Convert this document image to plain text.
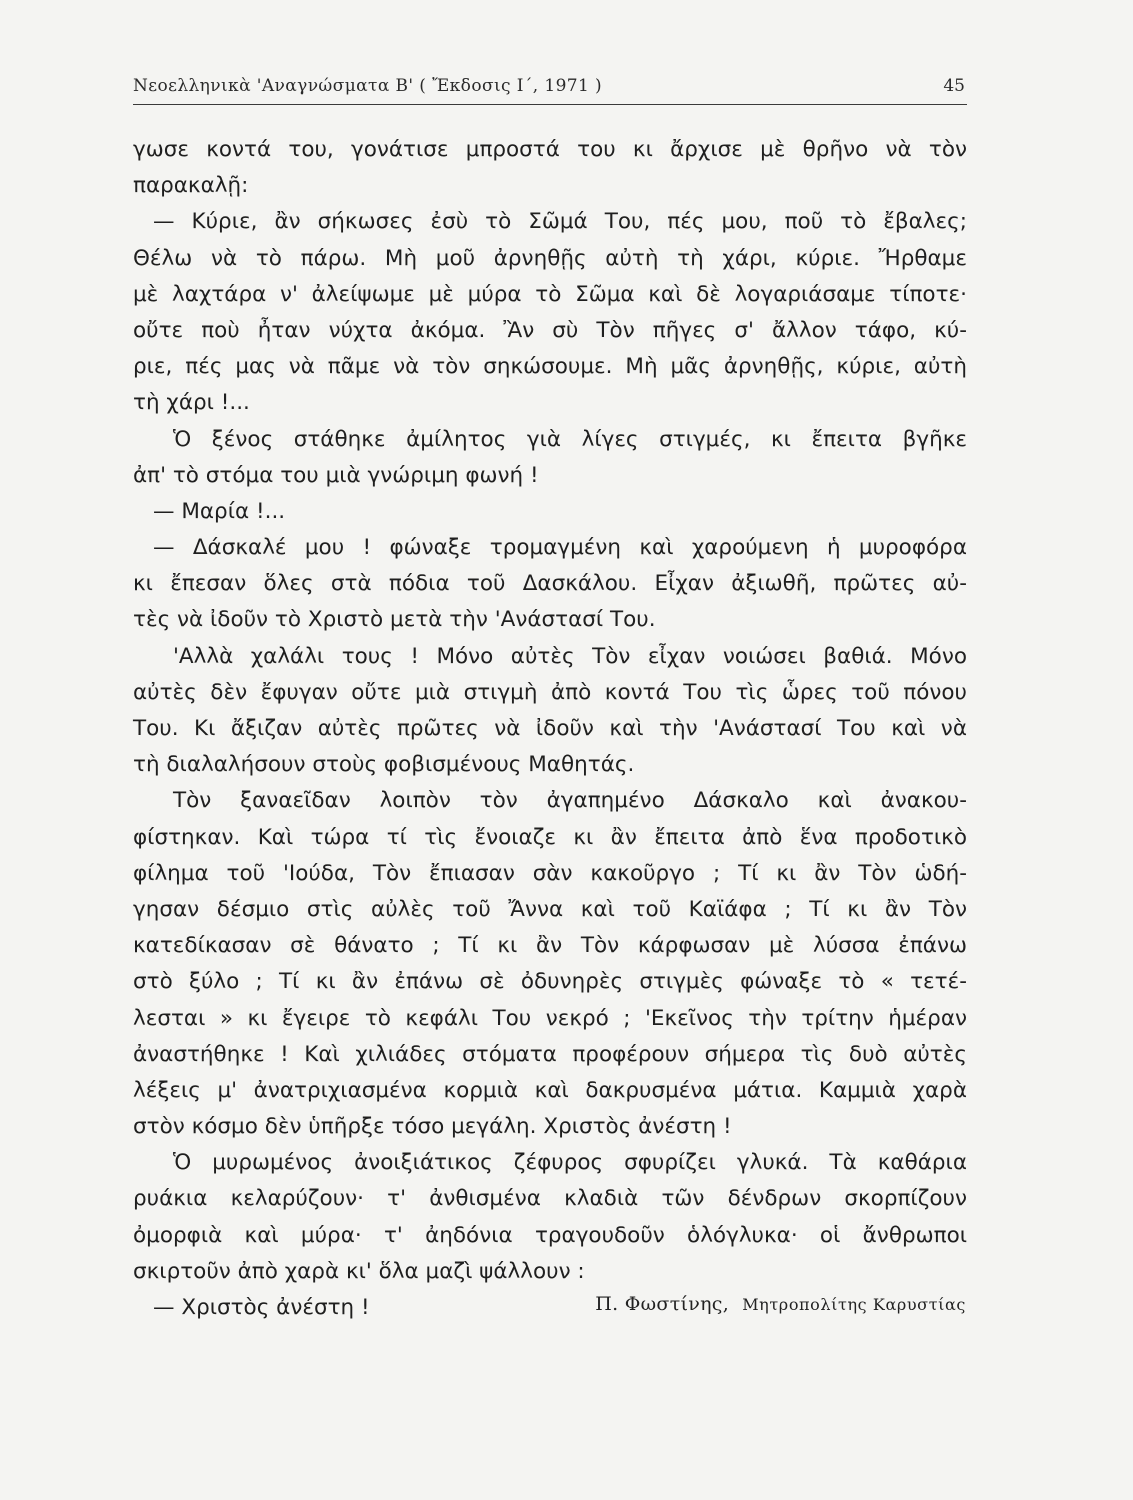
Νεοελληνικὰ 'Αναγνώσματα Β' ( Ἔκδοσις Ι΄, 1971 )	45
γωσε κοντά του, γονάτισε μπροστά του κι ἄρχισε μὲ θρῆνο νὰ τὸν
παρακαλῇ:
— Κύριε, ἂν σήκωσες ἐσὺ τὸ Σῶμά Του, πές μου, ποῦ τὸ ἔβαλες;
Θέλω νὰ τὸ πάρω. Μὴ μοῦ ἀρνηθῇς αὐτὴ τὴ χάρι, κύριε. Ἤρθαμε
μὲ λαχτάρα ν' ἀλείψωμε μὲ μύρα τὸ Σῶμα καὶ δὲ λογαριάσαμε τίποτε·
οὔτε ποὺ ἦταν νύχτα ἀκόμα. Ἂν σὺ Τὸν πῆγες σ' ἄλλον τάφο, κύ-
ριε, πές μας νὰ πᾶμε νὰ τὸν σηκώσουμε. Μὴ μᾶς ἀρνηθῇς, κύριε, αὐτὴ
τὴ χάρι !...
Ὁ ξένος στάθηκε ἀμίλητος γιὰ λίγες στιγμές, κι ἔπειτα βγῆκε
ἀπ' τὸ στόμα του μιὰ γνώριμη φωνή !
— Μαρία !...
— Δάσκαλέ μου ! φώναξε τρομαγμένη καὶ χαρούμενη ἡ μυροφόρα
κι ἔπεσαν ὅλες στὰ πόδια τοῦ Δασκάλου. Εἶχαν ἀξιωθῆ, πρῶτες αὐ-
τὲς νὰ ἰδοῦν τὸ Χριστὸ μετὰ τὴν 'Ανάστασί Του.
'Αλλὰ χαλάλι τους ! Μόνο αὐτὲς Τὸν εἶχαν νοιώσει βαθιά. Μόνο
αὐτὲς δὲν ἔφυγαν οὔτε μιὰ στιγμὴ ἀπὸ κοντά Του τὶς ὧρες τοῦ πόνου
Του. Κι ἄξιζαν αὐτὲς πρῶτες νὰ ἰδοῦν καὶ τὴν 'Ανάστασί Του καὶ νὰ
τὴ διαλαλήσουν στοὺς φοβισμένους Μαθητάς.
Τὸν ξαναεῖδαν λοιπὸν τὸν ἀγαπημένο Δάσκαλο καὶ ἀνακου-
φίστηκαν. Καὶ τώρα τί τὶς ἔνοιαζε κι ἂν ἔπειτα ἀπὸ ἕνα προδοτικὸ
φίλημα τοῦ 'Ιούδα, Τὸν ἔπιασαν σὰν κακοῦργο ; Τί κι ἂν Τὸν ὡδή-
γησαν δέσμιο στὶς αὐλὲς τοῦ Ἄννα καὶ τοῦ Καϊάφα ; Τί κι ἂν Τὸν
κατεδίκασαν σὲ θάνατο ; Τί κι ἂν Τὸν κάρφωσαν μὲ λύσσα ἐπάνω
στὸ ξύλο ; Τί κι ἂν ἐπάνω σὲ ὀδυνηρὲς στιγμὲς φώναξε τὸ « τετέ-
λεσται » κι ἔγειρε τὸ κεφάλι Του νεκρό ; 'Εκεῖνος τὴν τρίτην ἡμέραν
ἀναστήθηκε ! Καὶ χιλιάδες στόματα προφέρουν σήμερα τὶς δυὸ αὐτὲς
λέξεις μ' ἀνατριχιασμένα κορμιὰ καὶ δακρυσμένα μάτια. Καμμιὰ χαρὰ
στὸν κόσμο δὲν ὑπῆρξε τόσο μεγάλη. Χριστὸς ἀνέστη !
Ὁ μυρωμένος ἀνοιξιάτικος ζέφυρος σφυρίζει γλυκά. Τὰ καθάρια
ρυάκια κελαρύζουν· τ' ἀνθισμένα κλαδιὰ τῶν δένδρων σκορπίζουν
ὀμορφιὰ καὶ μύρα· τ' ἀηδόνια τραγουδοῦν ὁλόγλυκα· οἱ ἄνθρωποι
σκιρτοῦν ἀπὸ χαρὰ κι' ὅλα μαζὶ ψάλλουν :
— Χριστὸς ἀνέστη !	Π. Φωστίνης, Μητροπολίτης Καρυστίας
